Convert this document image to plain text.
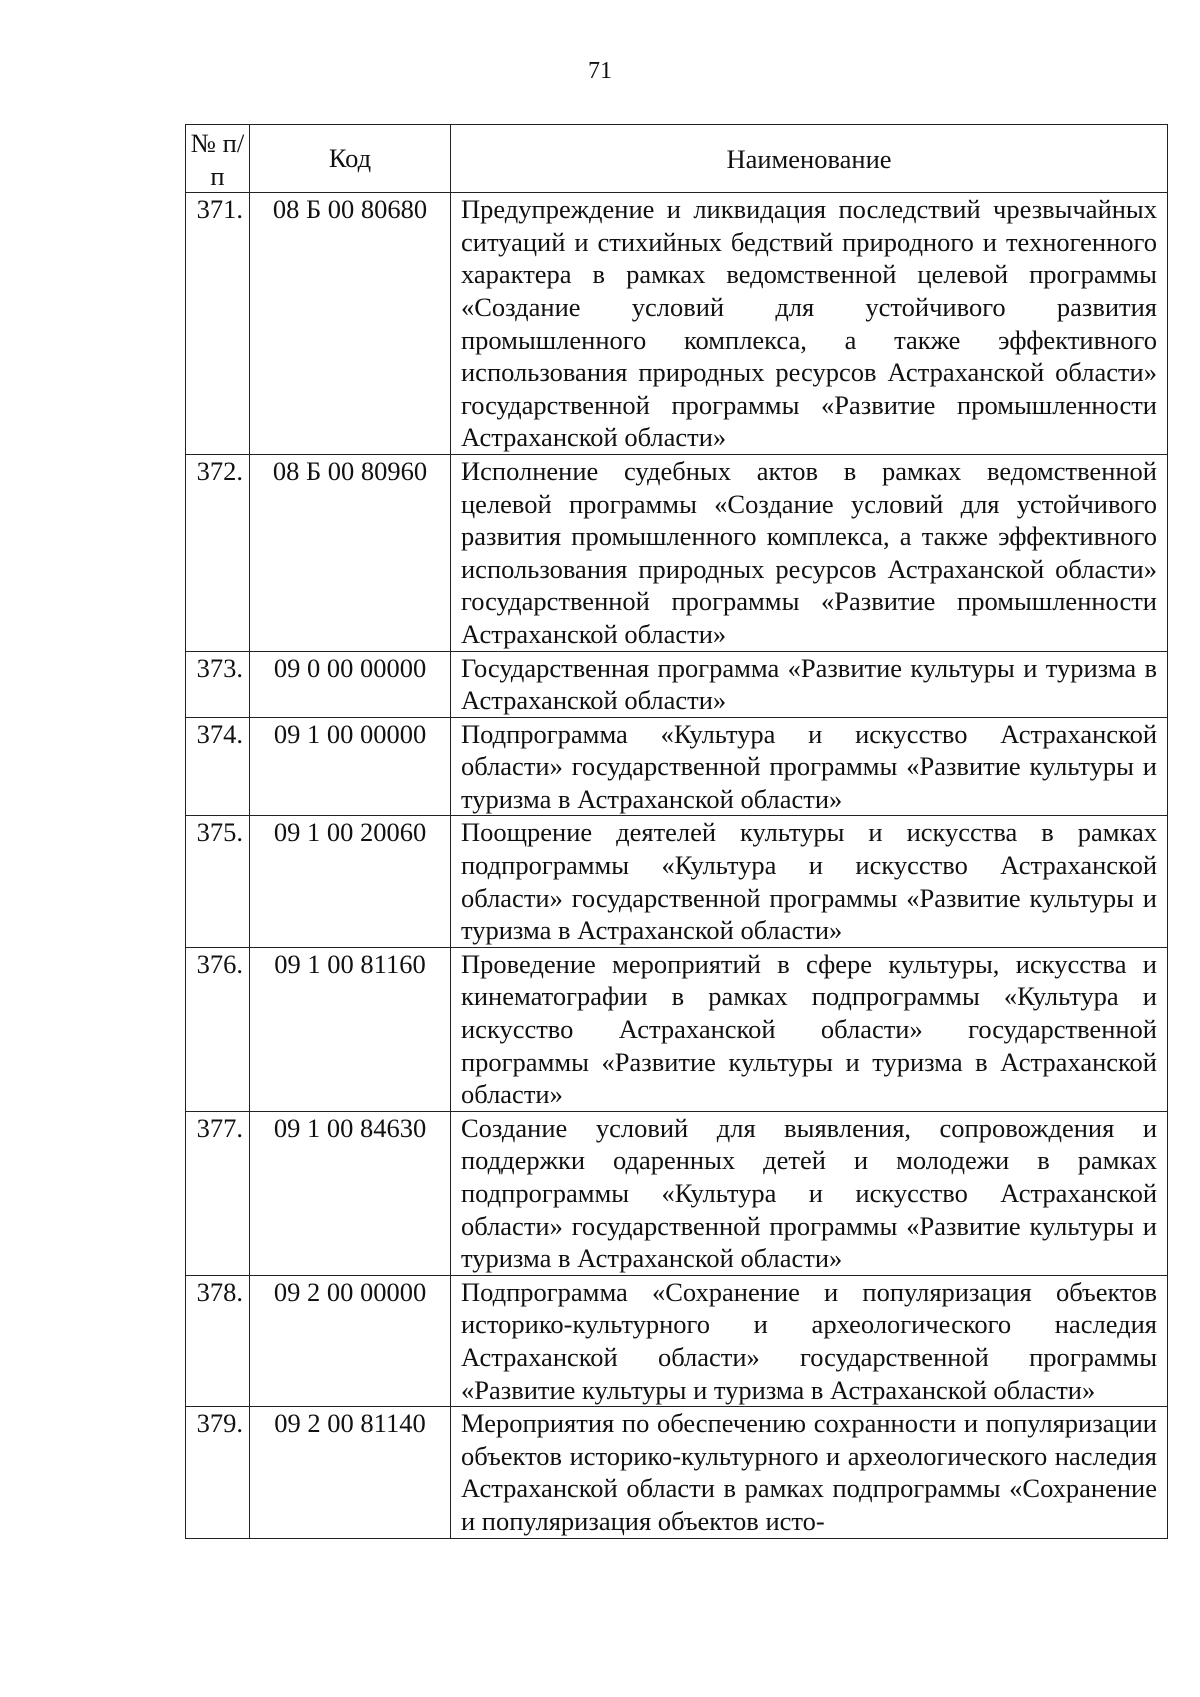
71
№ п/п	Код	Наименование
371.	08 Б 00 80680	Предупреждение и ликвидация последствий чрезвычайных ситуаций и стихийных бедствий природного и техногенного характера в рамках ведомственной целевой программы «Создание условий для устойчивого развития промышленного комплекса, а также эффективного использования природных ресурсов Астраханской области» государственной программы «Развитие промышленности Астраханской области»
372.	08 Б 00 80960	Исполнение судебных актов в рамках ведомственной целевой программы «Создание условий для устойчивого развития промышленного комплекса, а также эффективного использования природных ресурсов Астраханской области» государственной программы «Развитие промышленности Астраханской области»
373.	09 0 00 00000	Государственная программа «Развитие культуры и туризма в Астраханской области»
374.	09 1 00 00000	Подпрограмма «Культура и искусство Астраханской области» государственной программы «Развитие культуры и туризма в Астраханской области»
375.	09 1 00 20060	Поощрение деятелей культуры и искусства в рамках подпрограммы «Культура и искусство Астраханской области» государственной программы «Развитие культуры и туризма в Астраханской области»
376.	09 1 00 81160	Проведение мероприятий в сфере культуры, искусства и кинематографии в рамках подпрограммы «Культура и искусство Астраханской области» государственной программы «Развитие культуры и туризма в Астраханской области»
377.	09 1 00 84630	Создание условий для выявления, сопровождения и поддержки одаренных детей и молодежи в рамках подпрограммы «Культура и искусство Астраханской области» государственной программы «Развитие культуры и туризма в Астраханской области»
378.	09 2 00 00000	Подпрограмма «Сохранение и популяризация объектов историко-культурного и археологического наследия Астраханской области» государственной программы «Развитие культуры и туризма в Астраханской области»
379.	09 2 00 81140	Мероприятия по обеспечению сохранности и популяризации объектов историко-культурного и археологического наследия Астраханской области в рамках подпрограммы «Сохранение и популяризация объектов исто-
